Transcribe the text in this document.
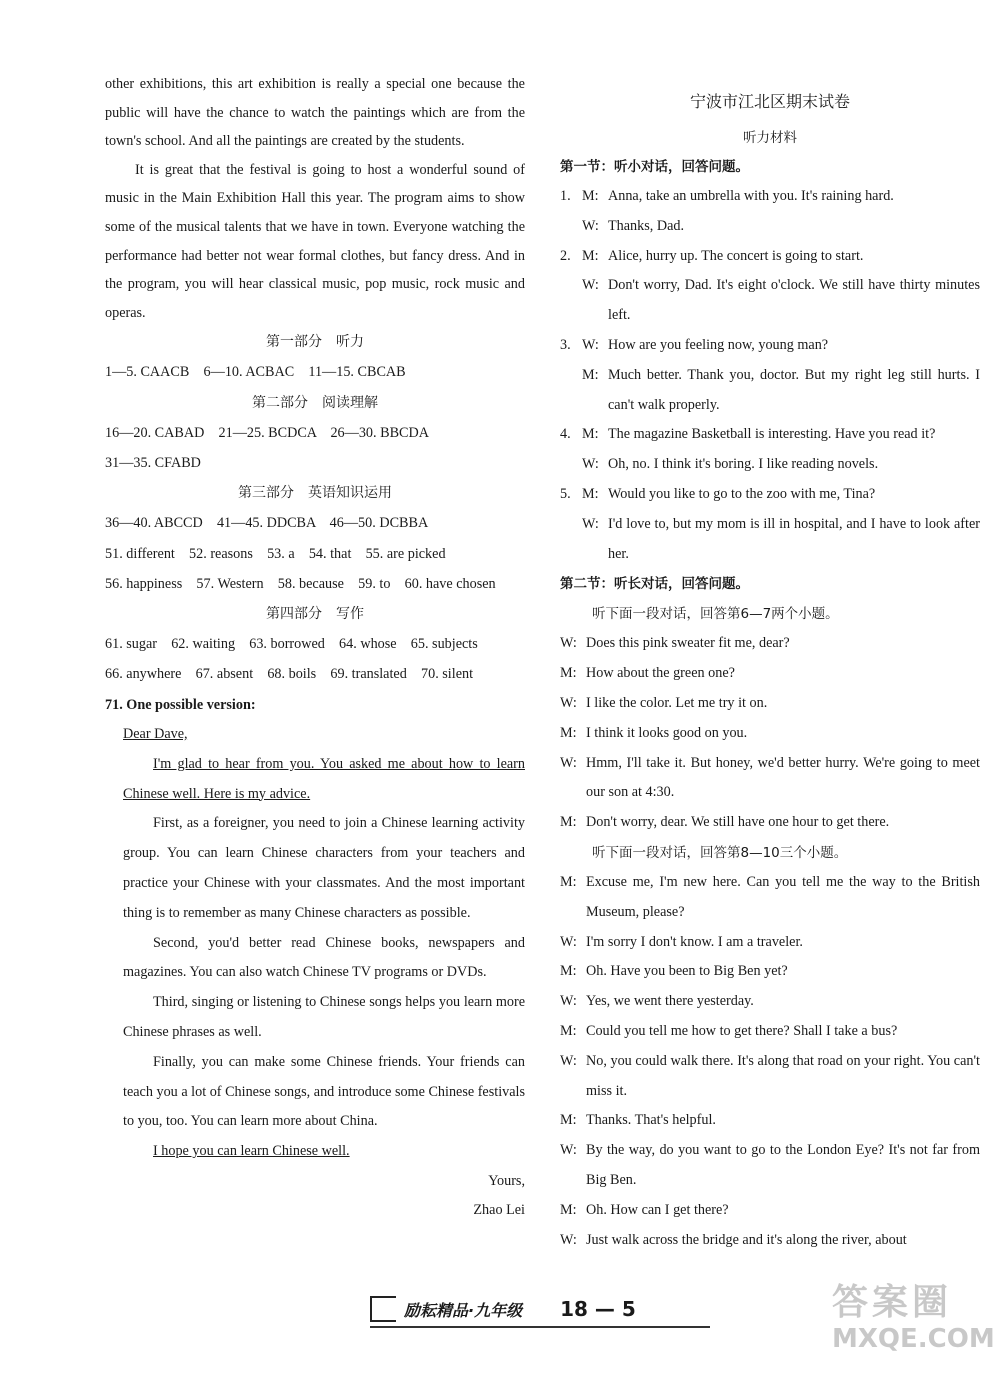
other exhibitions, this art exhibition is really a special one because the public will have the chance to watch the paintings which are from the town's school. And all the paintings are created by the students.

It is great that the festival is going to host a wonderful sound of music in the Main Exhibition Hall this year. The program aims to show some of the musical talents that we have in town. Everyone watching the performance had better not wear formal clothes, but fancy dress. And in the program, you will hear classical music, pop music, rock music and operas.

第一部分　听力

1—5. CAACB　6—10. ACBAC　11—15. CBCAB

第二部分　阅读理解

16—20. CABAD　21—25. BCDCA　26—30. BBCDA

31—35. CFABD

第三部分　英语知识运用

36—40. ABCCD　41—45. DDCBA　46—50. DCBBA

51. different　52. reasons　53. a　54. that　55. are picked

56. happiness　57. Western　58. because　59. to　60. have chosen

第四部分　写作

61. sugar　62. waiting　63. borrowed　64. whose　65. subjects

66. anywhere　67. absent　68. boils　69. translated　70. silent

71. One possible version:

Dear Dave,

I'm glad to hear from you. You asked me about how to learn Chinese well. Here is my advice.

First, as a foreigner, you need to join a Chinese learning activity group. You can learn Chinese characters from your teachers and practice your Chinese with your classmates. And the most important thing is to remember as many Chinese characters as possible.

Second, you'd better read Chinese books, newspapers and magazines. You can also watch Chinese TV programs or DVDs.

Third, singing or listening to Chinese songs helps you learn more Chinese phrases as well.

Finally, you can make some Chinese friends. Your friends can teach you a lot of Chinese songs, and introduce some Chinese festivals to you, too. You can learn more about China.

I hope you can learn Chinese well.

Yours,

Zhao Lei

宁波市江北区期末试卷

听力材料

第一节：听小对话，回答问题。

1. M: Anna, take an umbrella with you. It's raining hard.
W: Thanks, Dad.
2. M: Alice, hurry up. The concert is going to start.
W: Don't worry, Dad. It's eight o'clock. We still have thirty minutes left.
3. W: How are you feeling now, young man?
M: Much better. Thank you, doctor. But my right leg still hurts. I can't walk properly.
4. M: The magazine Basketball is interesting. Have you read it?
W: Oh, no. I think it's boring. I like reading novels.
5. M: Would you like to go to the zoo with me, Tina?
W: I'd love to, but my mom is ill in hospital, and I have to look after her.

第二节：听长对话，回答问题。

听下面一段对话，回答第6—7两个小题。

W: Does this pink sweater fit me, dear?
M: How about the green one?
W: I like the color. Let me try it on.
M: I think it looks good on you.
W: Hmm, I'll take it. But honey, we'd better hurry. We're going to meet our son at 4:30.
M: Don't worry, dear. We still have one hour to get there.

听下面一段对话，回答第8—10三个小题。

M: Excuse me, I'm new here. Can you tell me the way to the British Museum, please?
W: I'm sorry I don't know. I am a traveler.
M: Oh. Have you been to Big Ben yet?
W: Yes, we went there yesterday.
M: Could you tell me how to get there? Shall I take a bus?
W: No, you could walk there. It's along that road on your right. You can't miss it.
M: Thanks. That's helpful.
W: By the way, do you want to go to the London Eye? It's not far from Big Ben.
M: Oh. How can I get there?
W: Just walk across the bridge and it's along the river, about
励耘精品·九年级 18 — 5	答案圈
MXQE.COM
